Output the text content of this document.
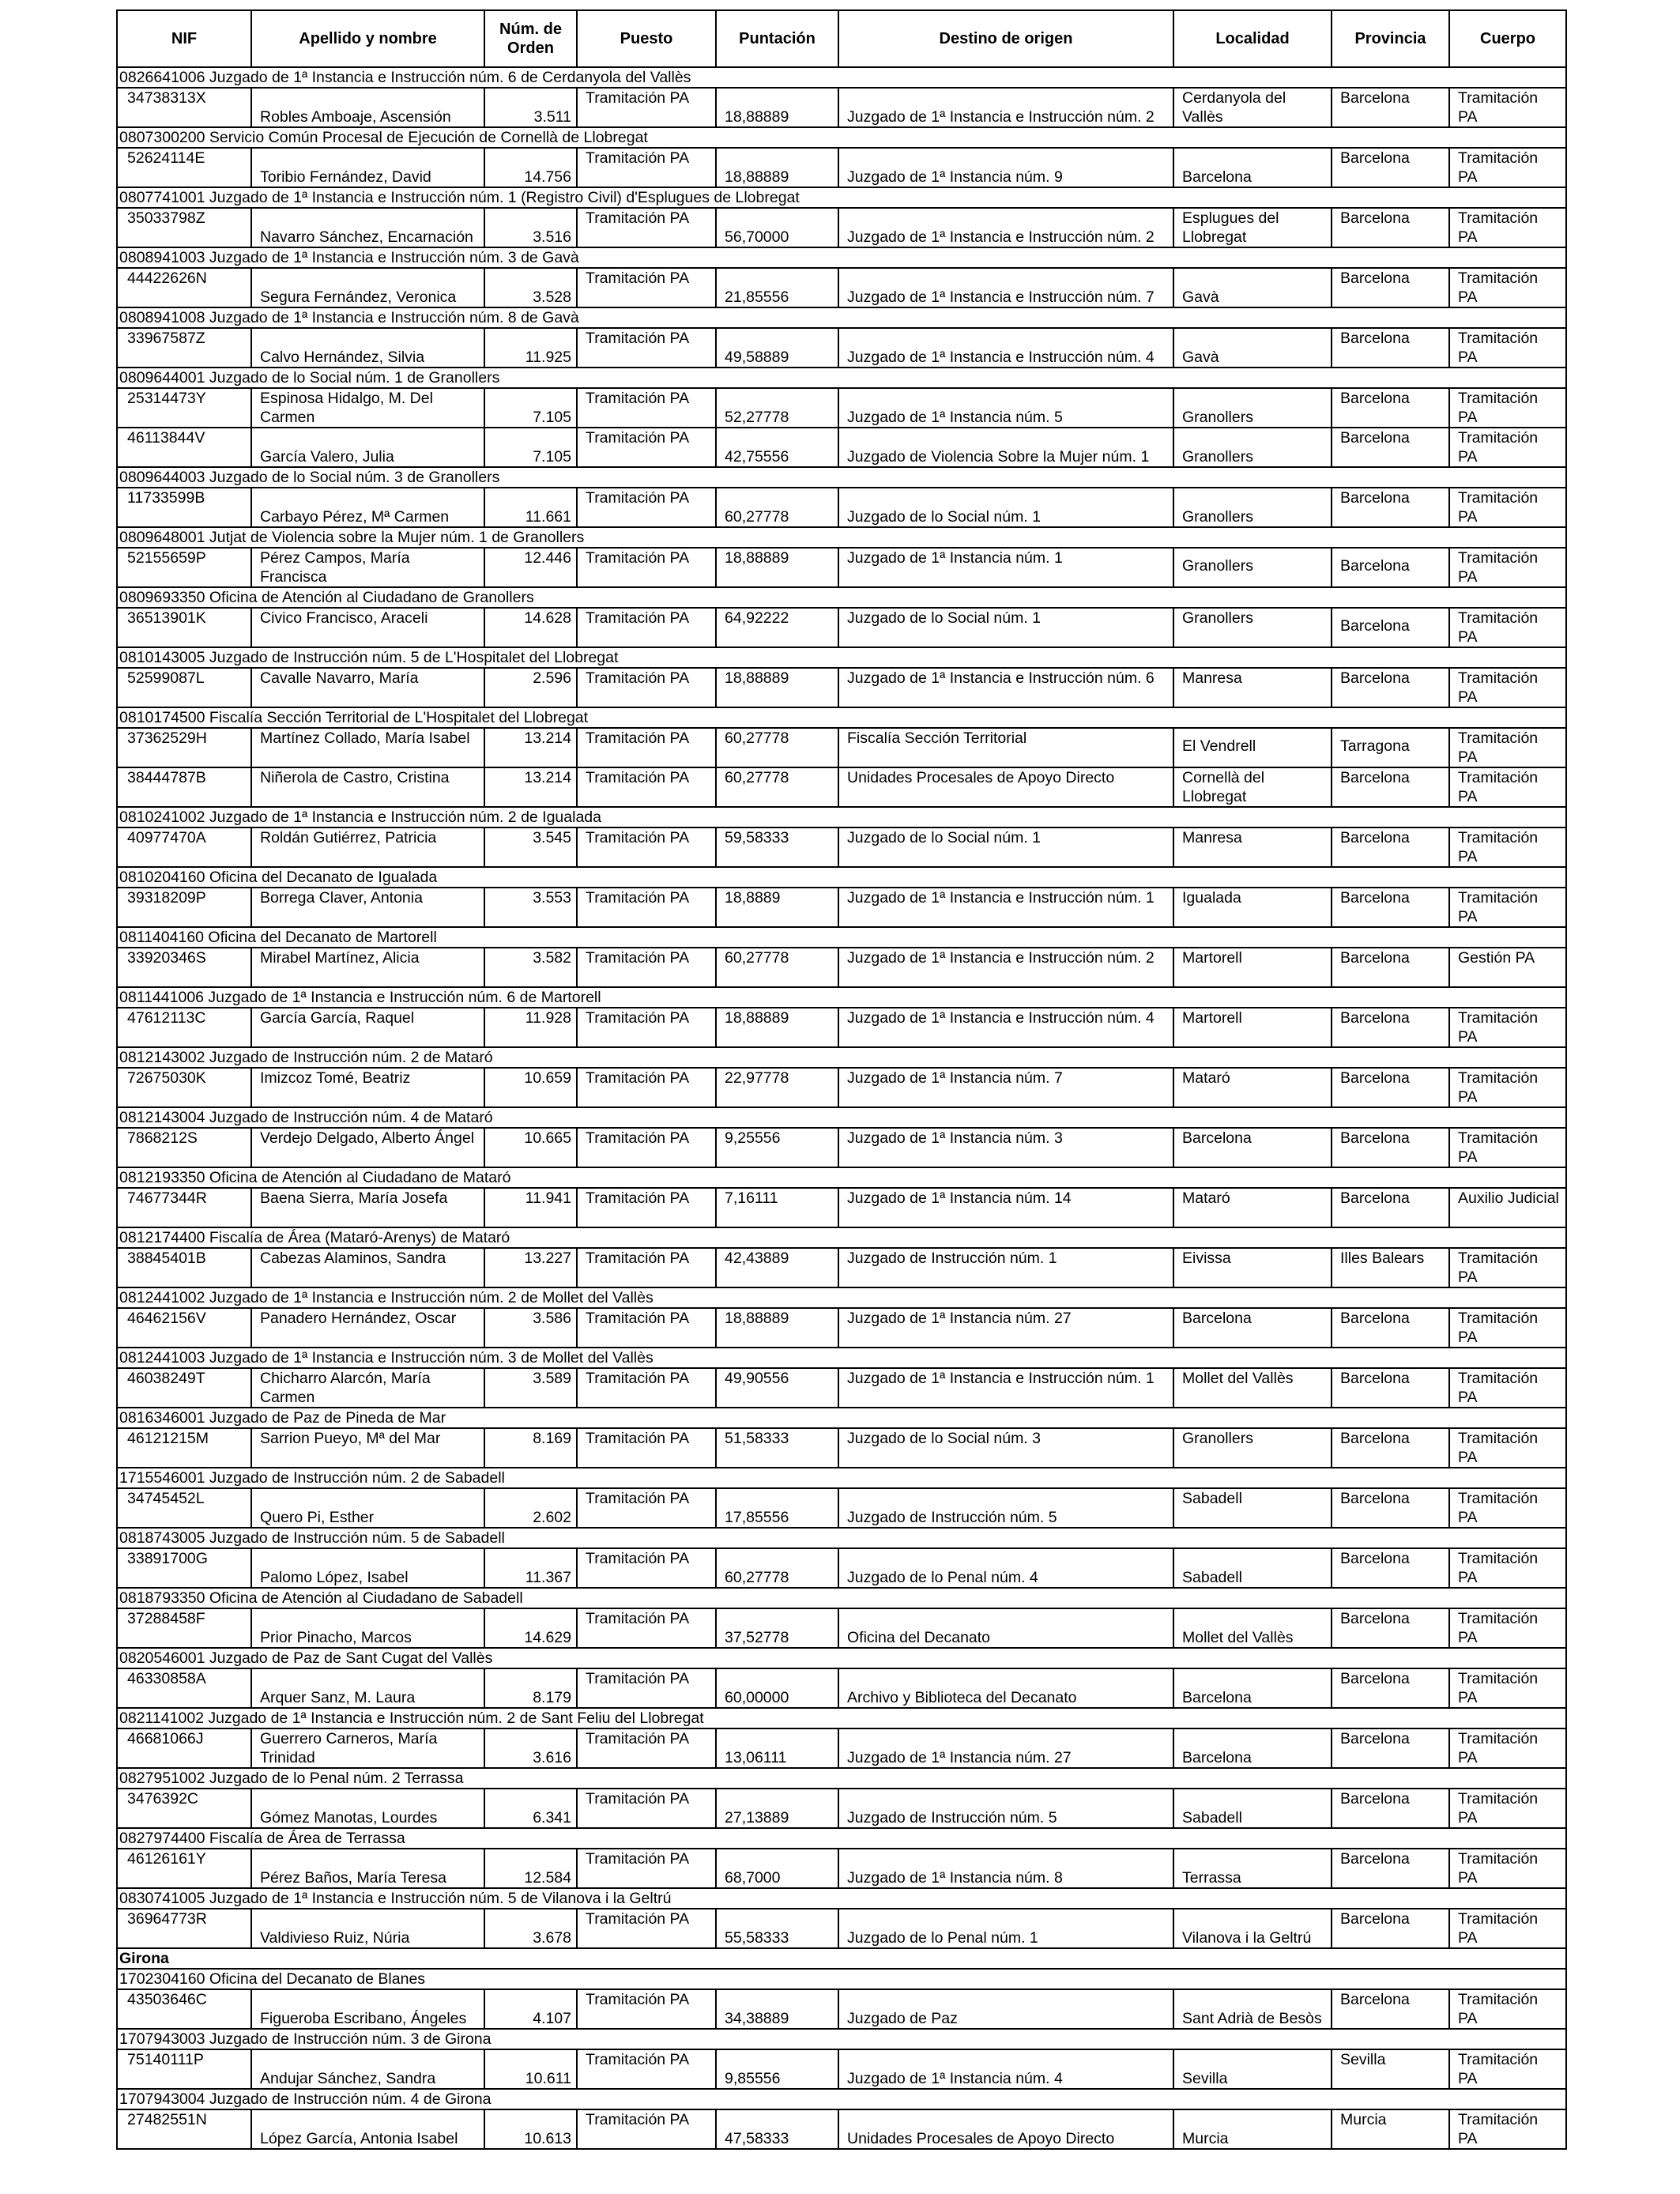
NIF	Apellido y nombre	Núm. de
Orden	Puesto	Puntación	Destino de origen	Localidad	Provincia	Cuerpo
0826641006 Juzgado de 1ª Instancia e Instrucción núm. 6 de Cerdanyola del Vallès								
34738313X	Robles Amboaje, Ascensión	3.511	Tramitación PA	18,88889	Juzgado de 1ª Instancia e Instrucción núm. 2	Cerdanyola del Vallès	Barcelona	Tramitación PA
0807300200 Servicio Común Procesal de Ejecución de Cornellà de Llobregat								
52624114E	Toribio Fernández, David	14.756	Tramitación PA	18,88889	Juzgado de 1ª Instancia núm. 9	Barcelona	Barcelona	Tramitación PA
0807741001 Juzgado de 1ª Instancia e Instrucción núm. 1 (Registro Civil) d'Esplugues de Llobregat								
35033798Z	Navarro Sánchez, Encarnación	3.516	Tramitación PA	56,70000	Juzgado de 1ª Instancia e Instrucción núm. 2	Esplugues del Llobregat	Barcelona	Tramitación PA
0808941003 Juzgado de 1ª Instancia e Instrucción núm. 3 de Gavà								
44422626N	Segura Fernández, Veronica	3.528	Tramitación PA	21,85556	Juzgado de 1ª Instancia e Instrucción núm. 7	Gavà	Barcelona	Tramitación PA
0808941008 Juzgado de 1ª Instancia e Instrucción núm. 8 de Gavà								
33967587Z	Calvo Hernández, Silvia	11.925	Tramitación PA	49,58889	Juzgado de 1ª Instancia e Instrucción núm. 4	Gavà	Barcelona	Tramitación PA
0809644001 Juzgado de lo Social núm. 1 de Granollers								
25314473Y	Espinosa Hidalgo, M. Del Carmen	7.105	Tramitación PA	52,27778	Juzgado de 1ª Instancia núm. 5	Granollers	Barcelona	Tramitación PA
46113844V	García Valero, Julia	7.105	Tramitación PA	42,75556	Juzgado de Violencia Sobre la Mujer núm. 1	Granollers	Barcelona	Tramitación PA
0809644003 Juzgado de lo Social núm. 3 de Granollers								
11733599B	Carbayo Pérez, Mª Carmen	11.661	Tramitación PA	60,27778	Juzgado de lo Social núm. 1	Granollers	Barcelona	Tramitación PA
0809648001 Jutjat de Violencia sobre la Mujer núm. 1 de Granollers								
52155659P	Pérez Campos, María Francisca	12.446	Tramitación PA	18,88889	Juzgado de 1ª Instancia núm. 1	Granollers	Barcelona	Tramitación PA
0809693350 Oficina de Atención al Ciudadano de Granollers								
36513901K	Civico Francisco, Araceli	14.628	Tramitación PA	64,92222	Juzgado de lo Social núm. 1	Granollers	Barcelona	Tramitación PA
0810143005 Juzgado de Instrucción núm. 5 de L'Hospitalet del Llobregat								
52599087L	Cavalle Navarro, María	2.596	Tramitación PA	18,88889	Juzgado de 1ª Instancia e Instrucción núm. 6	Manresa	Barcelona	Tramitación PA
0810174500 Fiscalía Sección Territorial de L'Hospitalet del Llobregat								
37362529H	Martínez Collado, María Isabel	13.214	Tramitación PA	60,27778	Fiscalía Sección Territorial	El Vendrell	Tarragona	Tramitación PA
38444787B	Niñerola de Castro, Cristina	13.214	Tramitación PA	60,27778	Unidades Procesales de Apoyo Directo	Cornellà del Llobregat	Barcelona	Tramitación PA
0810241002 Juzgado de 1ª Instancia e Instrucción núm. 2 de Igualada								
40977470A	Roldán Gutiérrez, Patricia	3.545	Tramitación PA	59,58333	Juzgado de lo Social núm. 1	Manresa	Barcelona	Tramitación PA
0810204160 Oficina del Decanato de Igualada								
39318209P	Borrega Claver, Antonia	3.553	Tramitación PA	18,8889	Juzgado de 1ª Instancia e Instrucción núm. 1	Igualada	Barcelona	Tramitación PA
0811404160 Oficina del Decanato de Martorell								
33920346S	Mirabel Martínez, Alicia	3.582	Tramitación PA	60,27778	Juzgado de 1ª Instancia e Instrucción núm. 2	Martorell	Barcelona	Gestión PA
0811441006 Juzgado de 1ª Instancia e Instrucción núm. 6 de Martorell								
47612113C	García García, Raquel	11.928	Tramitación PA	18,88889	Juzgado de 1ª Instancia e Instrucción núm. 4	Martorell	Barcelona	Tramitación PA
0812143002 Juzgado de Instrucción núm. 2 de Mataró								
72675030K	Imizcoz Tomé, Beatriz	10.659	Tramitación PA	22,97778	Juzgado de 1ª Instancia núm. 7	Mataró	Barcelona	Tramitación PA
0812143004 Juzgado de Instrucción núm. 4 de Mataró								
7868212S	Verdejo Delgado, Alberto Ángel	10.665	Tramitación PA	9,25556	Juzgado de 1ª Instancia núm. 3	Barcelona	Barcelona	Tramitación PA
0812193350 Oficina de Atención al Ciudadano de Mataró								
74677344R	Baena Sierra, María Josefa	11.941	Tramitación PA	7,16111	Juzgado de 1ª Instancia núm. 14	Mataró	Barcelona	Auxilio Judicial
0812174400 Fiscalía de Área (Mataró-Arenys) de Mataró								
38845401B	Cabezas Alaminos, Sandra	13.227	Tramitación PA	42,43889	Juzgado de Instrucción núm. 1	Eivissa	Illes Balears	Tramitación PA
0812441002 Juzgado de 1ª Instancia e Instrucción núm. 2 de Mollet del Vallès								
46462156V	Panadero Hernández, Oscar	3.586	Tramitación PA	18,88889	Juzgado de 1ª Instancia núm. 27	Barcelona	Barcelona	Tramitación PA
0812441003 Juzgado de 1ª Instancia e Instrucción núm. 3 de Mollet del Vallès								
46038249T	Chicharro Alarcón, María Carmen	3.589	Tramitación PA	49,90556	Juzgado de 1ª Instancia e Instrucción núm. 1	Mollet del Vallès	Barcelona	Tramitación PA
0816346001 Juzgado de Paz de Pineda de Mar								
46121215M	Sarrion Pueyo, Mª del Mar	8.169	Tramitación PA	51,58333	Juzgado de lo Social núm. 3	Granollers	Barcelona	Tramitación PA
1715546001 Juzgado de Instrucción núm. 2 de Sabadell								
34745452L	Quero Pi, Esther	2.602	Tramitación PA	17,85556	Juzgado de Instrucción núm. 5	Sabadell	Barcelona	Tramitación PA
0818743005 Juzgado de Instrucción núm. 5 de Sabadell								
33891700G	Palomo López, Isabel	11.367	Tramitación PA	60,27778	Juzgado de lo Penal núm. 4	Sabadell	Barcelona	Tramitación PA
0818793350 Oficina de Atención al Ciudadano de Sabadell								
37288458F	Prior Pinacho, Marcos	14.629	Tramitación PA	37,52778	Oficina del Decanato	Mollet del Vallès	Barcelona	Tramitación PA
0820546001 Juzgado de Paz de Sant Cugat del Vallès								
46330858A	Arquer Sanz, M. Laura	8.179	Tramitación PA	60,00000	Archivo y Biblioteca del Decanato	Barcelona	Barcelona	Tramitación PA
0821141002 Juzgado de 1ª Instancia e Instrucción núm. 2 de Sant Feliu del Llobregat								
46681066J	Guerrero Carneros, María Trinidad	3.616	Tramitación PA	13,06111	Juzgado de 1ª Instancia núm. 27	Barcelona	Barcelona	Tramitación PA
0827951002 Juzgado de lo Penal núm. 2 Terrassa								
3476392C	Gómez Manotas, Lourdes	6.341	Tramitación PA	27,13889	Juzgado de Instrucción núm. 5	Sabadell	Barcelona	Tramitación PA
0827974400 Fiscalía de Área de Terrassa								
46126161Y	Pérez Baños, María Teresa	12.584	Tramitación PA	68,7000	Juzgado de 1ª Instancia núm. 8	Terrassa	Barcelona	Tramitación PA
0830741005 Juzgado de 1ª Instancia e Instrucción núm. 5 de Vilanova i la Geltrú								
36964773R	Valdivieso Ruiz, Núria	3.678	Tramitación PA	55,58333	Juzgado de lo Penal núm. 1	Vilanova i la Geltrú	Barcelona	Tramitación PA
Girona								
1702304160 Oficina del Decanato de Blanes								
43503646C	Figueroba Escribano, Ángeles	4.107	Tramitación PA	34,38889	Juzgado de Paz	Sant Adrià de Besòs	Barcelona	Tramitación PA
1707943003 Juzgado de Instrucción núm. 3 de Girona								
75140111P	Andujar Sánchez, Sandra	10.611	Tramitación PA	9,85556	Juzgado de 1ª Instancia núm. 4	Sevilla	Sevilla	Tramitación PA
1707943004 Juzgado de Instrucción núm. 4 de Girona								
27482551N	López García, Antonia Isabel	10.613	Tramitación PA	47,58333	Unidades Procesales de Apoyo Directo	Murcia	Murcia	Tramitación PA
